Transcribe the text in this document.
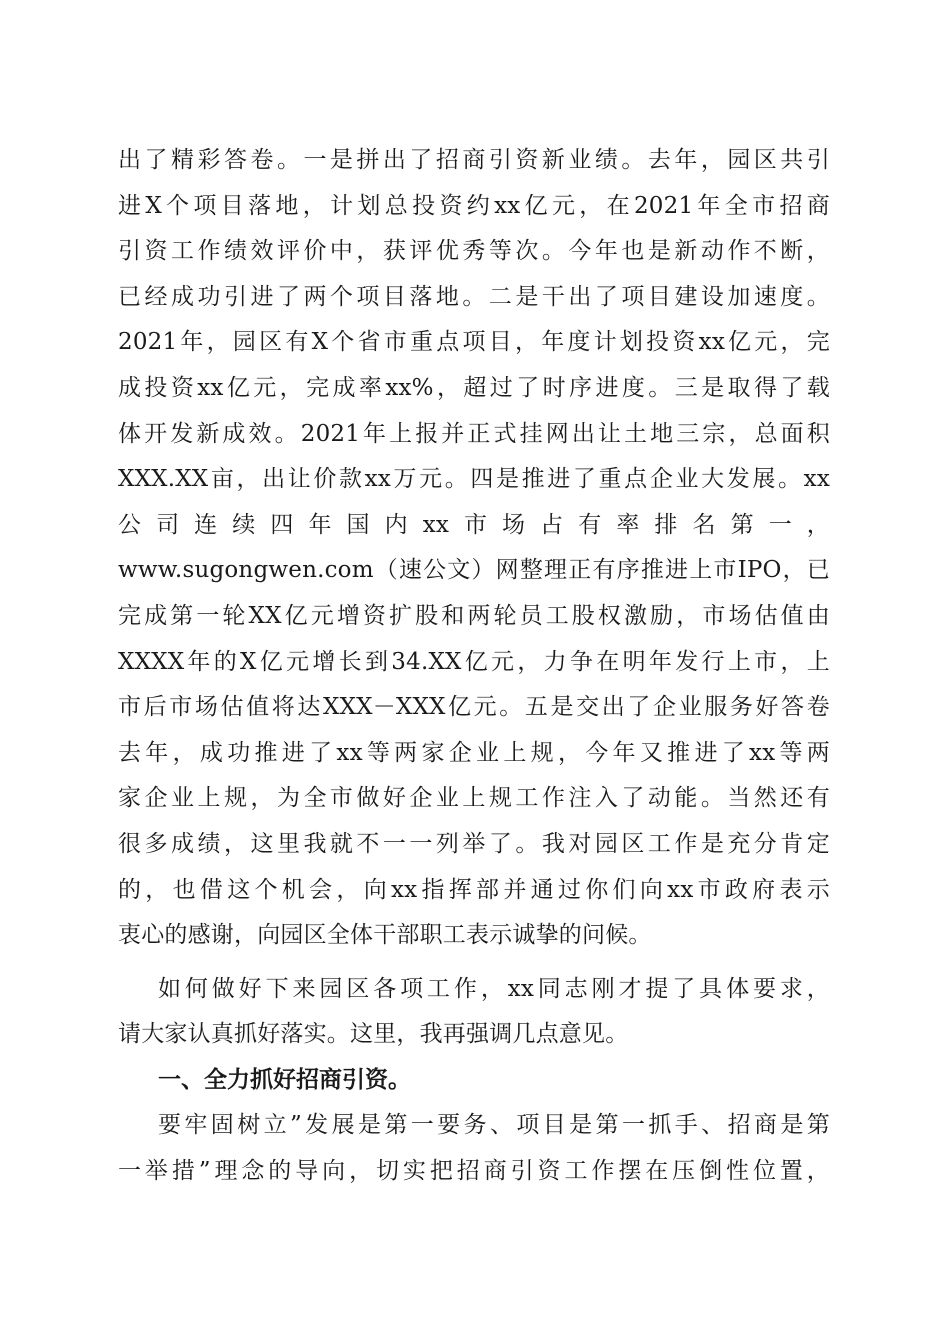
出了精彩答卷。一是拼出了招商引资新业绩。去年，园区共引
进X个项目落地，计划总投资约xx亿元，在2021年全市招商
引资工作绩效评价中，获评优秀等次。今年也是新动作不断，
已经成功引进了两个项目落地。二是干出了项目建设加速度。
2021年，园区有X个省市重点项目，年度计划投资xx亿元，完
成投资xx亿元，完成率xx%，超过了时序进度。三是取得了载
体开发新成效。2021年上报并正式挂网出让土地三宗，总面积
XXX.XX亩，出让价款xx万元。四是推进了重点企业大发展。xx
公司连续四年国内xx市场占有率排名第一，
www.sugongwen.com（速公文）网整理正有序推进上市IPO，已
完成第一轮XX亿元增资扩股和两轮员工股权激励，市场估值由
XXXX年的X亿元增长到34.XX亿元，力争在明年发行上市，上
市后市场估值将达XXX－XXX亿元。五是交出了企业服务好答卷
去年，成功推进了xx等两家企业上规，今年又推进了xx等两
家企业上规，为全市做好企业上规工作注入了动能。当然还有
很多成绩，这里我就不一一列举了。我对园区工作是充分肯定
的，也借这个机会，向xx指挥部并通过你们向xx市政府表示
衷心的感谢，向园区全体干部职工表示诚挚的问候。
如何做好下来园区各项工作，xx同志刚才提了具体要求，
请大家认真抓好落实。这里，我再强调几点意见。
一、全力抓好招商引资。
要牢固树立”发展是第一要务、项目是第一抓手、招商是第
一举措”理念的导向，切实把招商引资工作摆在压倒性位置，
